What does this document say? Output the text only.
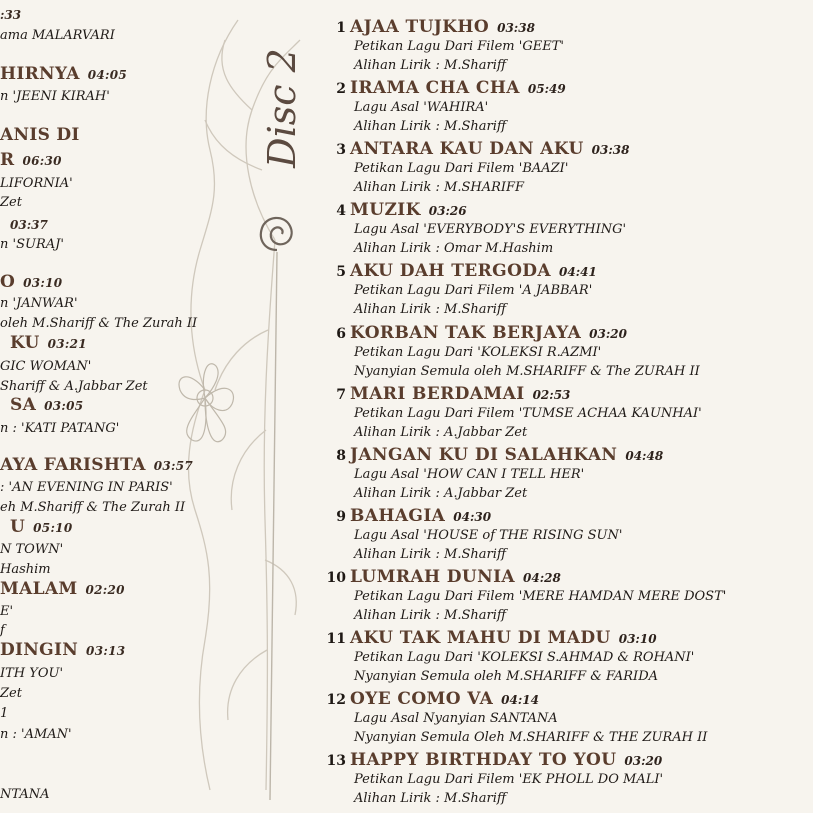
:33
ama MALARVARI
HIRNYA 04:05
n 'JEENI KIRAH'
ANIS DI
R 06:30
LIFORNIA'
Zet
03:37
n 'SURAJ'
O 03:10
n 'JANWAR'
oleh M.Shariff & The Zurah II
KU 03:21
GIC WOMAN'
Shariff & A.Jabbar Zet
SA 03:05
n : 'KATI PATANG'
AYA FARISHTA 03:57
: 'AN EVENING IN PARIS'
eh M.Shariff & The Zurah II
U 05:10
N TOWN'
Hashim
MALAM 02:20
E'
f
DINGIN 03:13
ITH YOU'
Zet
1
n : 'AMAN'
NTANA
Disc 2
1 AJAA TUJKHO 03:38
Petikan Lagu Dari Filem 'GEET'
Alihan Lirik : M.Shariff
2 IRAMA CHA CHA 05:49
Lagu Asal 'WAHIRA'
Alihan Lirik : M.Shariff
3 ANTARA KAU DAN AKU 03:38
Petikan Lagu Dari Filem 'BAAZI'
Alihan Lirik : M.SHARIFF
4 MUZIK 03:26
Lagu Asal 'EVERYBODY'S EVERYTHING'
Alihan Lirik : Omar M.Hashim
5 AKU DAH TERGODA 04:41
Petikan Lagu Dari Filem 'A JABBAR'
Alihan Lirik : M.Shariff
6 KORBAN TAK BERJAYA 03:20
Petikan Lagu Dari 'KOLEKSI R.AZMI'
Nyanyian Semula oleh M.SHARIFF & The ZURAH II
7 MARI BERDAMAI 02:53
Petikan Lagu Dari Filem 'TUMSE ACHAA KAUNHAI'
Alihan Lirik : A.Jabbar Zet
8 JANGAN KU DI SALAHKAN 04:48
Lagu Asal 'HOW CAN I TELL HER'
Alihan Lirik : A.Jabbar Zet
9 BAHAGIA 04:30
Lagu Asal 'HOUSE of THE RISING SUN'
Alihan Lirik : M.Shariff
10 LUMRAH DUNIA 04:28
Petikan Lagu Dari Filem 'MERE HAMDAN MERE DOST'
Alihan Lirik : M.Shariff
11 AKU TAK MAHU DI MADU 03:10
Petikan Lagu Dari 'KOLEKSI S.AHMAD & ROHANI'
Nyanyian Semula oleh M.SHARIFF & FARIDA
12 OYE COMO VA 04:14
Lagu Asal Nyanyian SANTANA
Nyanyian Semula Oleh M.SHARIFF & THE ZURAH II
13 HAPPY BIRTHDAY TO YOU 03:20
Petikan Lagu Dari Filem 'EK PHOLL DO MALI'
Alihan Lirik : M.Shariff
